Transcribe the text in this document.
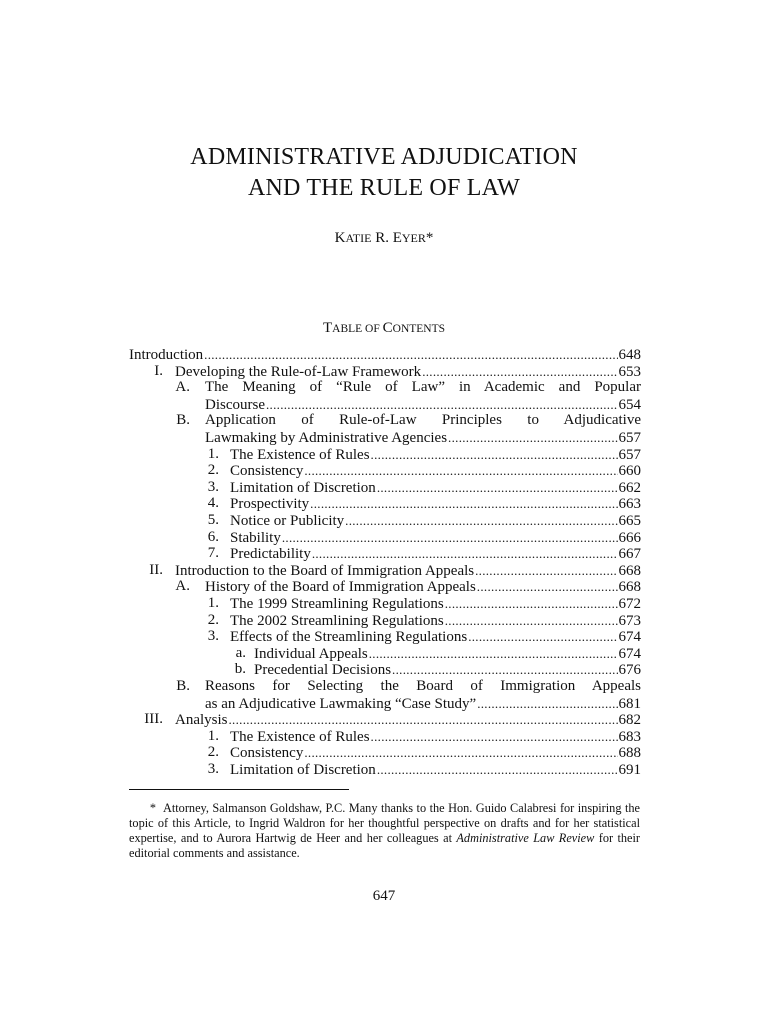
ADMINISTRATIVE ADJUDICATION
AND THE RULE OF LAW
KATIE R. EYER*
TABLE OF CONTENTS
Introduction .....	648
I. Developing the Rule-of-Law Framework .....	653
A. The Meaning of “Rule of Law” in Academic and Popular
Discourse .....	654
B. Application of Rule-of-Law Principles to Adjudicative
Lawmaking by Administrative Agencies .....	657
1. The Existence of Rules .....	657
2. Consistency .....	660
3. Limitation of Discretion .....	662
4. Prospectivity .....	663
5. Notice or Publicity .....	665
6. Stability .....	666
7. Predictability .....	667
II. Introduction to the Board of Immigration Appeals .....	668
A. History of the Board of Immigration Appeals .....	668
1. The 1999 Streamlining Regulations .....	672
2. The 2002 Streamlining Regulations .....	673
3. Effects of the Streamlining Regulations .....	674
a. Individual Appeals .....	674
b. Precedential Decisions .....	676
B. Reasons for Selecting the Board of Immigration Appeals
as an Adjudicative Lawmaking “Case Study” .....	681
III. Analysis .....	682
1. The Existence of Rules .....	683
2. Consistency .....	688
3. Limitation of Discretion .....	691
* Attorney, Salmanson Goldshaw, P.C. Many thanks to the Hon. Guido Calabresi for inspiring the topic of this Article, to Ingrid Waldron for her thoughtful perspective on drafts and for her statistical expertise, and to Aurora Hartwig de Heer and her colleagues at Administrative Law Review for their editorial comments and assistance.
647
